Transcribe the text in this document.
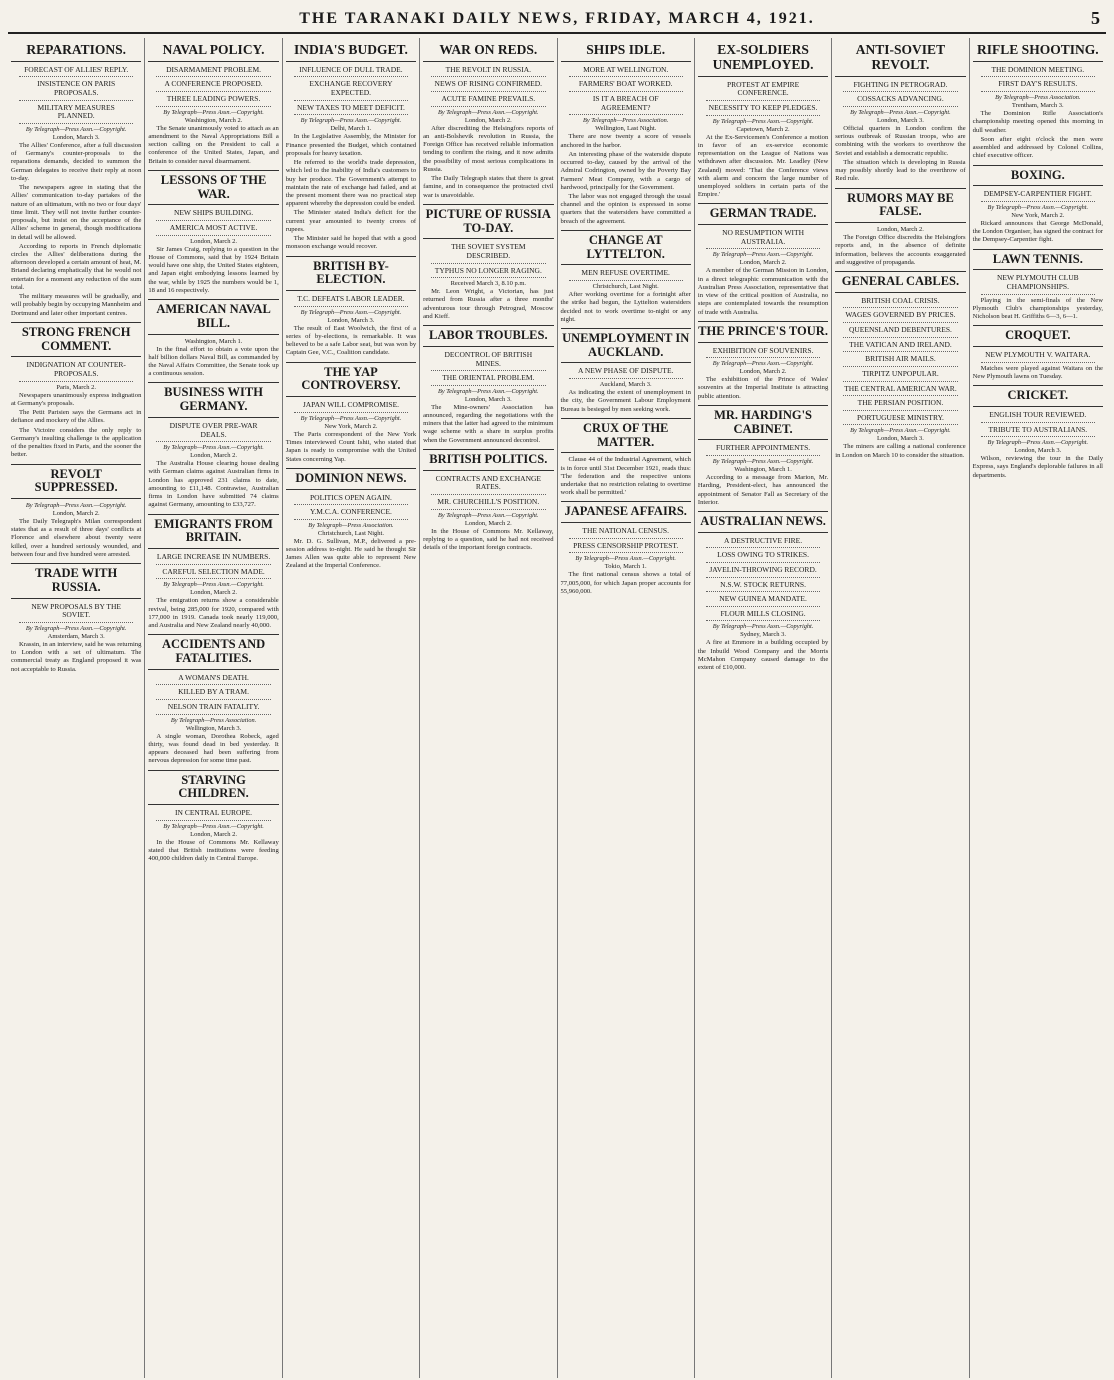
THE TARANAKI DAILY NEWS, FRIDAY, MARCH 4, 1921.	5
REPARATIONS.
FORECAST OF ALLIES' REPLY.
INSISTENCE ON PARIS PROPOSALS.
MILITARY MEASURES PLANNED.
By Telegraph—Press Assn.—Copyright.
London, March 3.

The Allies' Conference, after a full discussion of Germany's counter-proposals to the reparations demands, decided to summon the German delegates to receive their reply at noon to-day.

The newspapers agree in stating that the Allies' communication to-day partakes of the nature of an ultimatum, with no two or four days' time limit. They will not invite further counter-proposals, but insist on the acceptance of the Allies' scheme in general, though modifications in detail will be allowed.

According to reports in French diplomatic circles the Allies' deliberations during the afternoon developed a certain amount of heat, M. Briand declaring emphatically that he would not entertain for a moment any reduction of the sum total.

The military measures will be gradually, and will probably begin by occupying Mannheim and Dortmund and later other important centres.

STRONG FRENCH COMMENT.
INDIGNATION AT COUNTER-PROPOSALS.
Paris, March 2.

Newspapers unanimously express indignation at Germany's proposals.

The Petit Parisien says the Germans act in defiance and mockery of the Allies.

The Victoire considers the only reply to Germany's insulting challenge is the application of the penalties fixed in Paris, and the sooner the better.

REVOLT SUPPRESSED.
By Telegraph—Press Assn.—Copyright.
London, March 2.

The Daily Telegraph's Milan correspondent states that as a result of three days' conflicts at Florence and elsewhere about twenty were killed, over a hundred seriously wounded, and between four and five hundred were arrested.

TRADE WITH RUSSIA.
NEW PROPOSALS BY THE SOVIET.
By Telegraph—Press Assn.—Copyright.
Amsterdam, March 3.

Krassin, in an interview, said he was returning to London with a set of ultimatum. The commercial treaty as England proposed it was not acceptable to Russia.

NAVAL POLICY.
DISARMAMENT PROBLEM.
A CONFERENCE PROPOSED.
THREE LEADING POWERS.
By Telegraph—Press Assn.—Copyright.
Washington, March 2.

The Senate unanimously voted to attach as an amendment to the Naval Appropriations Bill a section calling on the President to call a conference of the United States, Japan, and Britain to consider naval disarmament.

LESSONS OF THE WAR.
NEW SHIPS BUILDING.
AMERICA MOST ACTIVE.
London, March 2.

Sir James Craig, replying to a question in the House of Commons, said that by 1924 Britain would have one ship, the United States eighteen, and Japan eight embodying lessons learned by the war, while by 1925 the numbers would be 1, 18 and 16 respectively.

AMERICAN NAVAL BILL.
Washington, March 1.

In the final effort to obtain a vote upon the half billion dollars Naval Bill, as commanded by the Naval Affairs Committee, the Senate took up a continuous session.

BUSINESS WITH GERMANY.
DISPUTE OVER PRE-WAR DEALS.
By Telegraph—Press Assn.—Copyright.
London, March 2.

The Australia House clearing house dealing with German claims against Australian firms in London has approved 231 claims to date, amounting to £11,148. Contrawise, Australian firms in London have submitted 74 claims against Germany, amounting to £33,727.

EMIGRANTS FROM BRITAIN.
LARGE INCREASE IN NUMBERS.
CAREFUL SELECTION MADE.
By Telegraph—Press Assn.—Copyright.
London, March 2.

The emigration returns show a considerable revival, being 285,000 for 1920, compared with 177,000 in 1919. Canada took nearly 119,000, and Australia and New Zealand nearly 40,000.

ACCIDENTS AND FATALITIES.
A WOMAN'S DEATH.
KILLED BY A TRAM.
NELSON TRAIN FATALITY.
By Telegraph—Press Association.
Wellington, March 3.

A single woman, Dorothea Robeck, aged thirty, was found dead in bed yesterday. It appears deceased had been suffering from nervous depression for some time past.

STARVING CHILDREN.
IN CENTRAL EUROPE.
By Telegraph—Press Assn.—Copyright.
London, March 2.

In the House of Commons Mr. Kellaway stated that British institutions were feeding 400,000 children daily in Central Europe.

INDIA'S BUDGET.
INFLUENCE OF DULL TRADE.
EXCHANGE RECOVERY EXPECTED.
NEW TAXES TO MEET DEFICIT.
By Telegraph—Press Assn.—Copyright.
Delhi, March 1.

In the Legislative Assembly, the Minister for Finance presented the Budget, which contained proposals for heavy taxation.

He referred to the world's trade depression, which led to the inability of India's customers to buy her produce. The Government's attempt to maintain the rate of exchange had failed, and at the present moment there was no practical step apparent whereby the depression could be ended.

The Minister stated India's deficit for the current year amounted to twenty crores of rupees.

The Minister said he hoped that with a good monsoon exchange would recover.

BRITISH BY-ELECTION.
T.C. DEFEATS LABOR LEADER.
By Telegraph—Press Assn.—Copyright.
London, March 3.

The result of East Woolwich, the first of a series of by-elections, is remarkable. It was believed to be a safe Labor seat, but was won by Captain Gee, V.C., Coalition candidate.

THE YAP CONTROVERSY.
JAPAN WILL COMPROMISE.
By Telegraph—Press Assn.—Copyright.
New York, March 2.

The Paris correspondent of the New York Times interviewed Count Ishii, who stated that Japan is ready to compromise with the United States concerning Yap.

DOMINION NEWS.
POLITICS OPEN AGAIN.
Y.M.C.A. CONFERENCE.
By Telegraph—Press Association.
Christchurch, Last Night.

Mr. D. G. Sullivan, M.P., delivered a pre-session address to-night. He said he thought Sir James Allen was quite able to represent New Zealand at the Imperial Conference.

WAR ON REDS.
THE REVOLT IN RUSSIA.
NEWS OF RISING CONFIRMED.
ACUTE FAMINE PREVAILS.
By Telegraph—Press Assn.—Copyright.
London, March 2.

After discrediting the Helsingfors reports of an anti-Bolshevik revolution in Russia, the Foreign Office has received reliable information tending to confirm the rising, and it now admits the possibility of most serious complications in Russia.

The Daily Telegraph states that there is great famine, and in consequence the protracted civil war is unavoidable.

PICTURE OF RUSSIA TO-DAY.
THE SOVIET SYSTEM DESCRIBED.
TYPHUS NO LONGER RAGING.
Received March 3, 8.10 p.m.

Mr. Leon Wright, a Victorian, has just returned from Russia after a three months' adventurous tour through Petrograd, Moscow and Kieff.

LABOR TROUBLES.
DECONTROL OF BRITISH MINES.
THE ORIENTAL PROBLEM.
By Telegraph—Press Assn.—Copyright.
London, March 3.

The Mine-owners' Association has announced, regarding the negotiations with the miners that the latter had agreed to the minimum wage scheme with a share in surplus profits when the Government announced decontrol.

BRITISH POLITICS.
CONTRACTS AND EXCHANGE RATES.
MR. CHURCHILL'S POSITION.
By Telegraph—Press Assn.—Copyright.
London, March 2.

In the House of Commons Mr. Kellaway, replying to a question, said he had not received details of the important foreign contracts.

SHIPS IDLE.
MORE AT WELLINGTON.
FARMERS' BOAT WORKED.
IS IT A BREACH OF AGREEMENT?
By Telegraph—Press Association.
Wellington, Last Night.

There are now twenty a score of vessels anchored in the harbor.

An interesting phase of the waterside dispute occurred to-day, caused by the arrival of the Admiral Codrington, owned by the Poverty Bay Farmers' Meat Company, with a cargo of hardwood, principally for the Government.

The labor was not engaged through the usual channel and the opinion is expressed in some quarters that the watersiders have committed a breach of the agreement.

CHANGE AT LYTTELTON.
MEN REFUSE OVERTIME.
Christchurch, Last Night.

After working overtime for a fortnight after the strike had begun, the Lyttelton watersiders decided not to work overtime to-night or any night.

UNEMPLOYMENT IN AUCKLAND.
A NEW PHASE OF DISPUTE.
Auckland, March 3.

As indicating the extent of unemployment in the city, the Government Labour Employment Bureau is besieged by men seeking work.

CRUX OF THE MATTER.

Clause 44 of the Industrial Agreement, which is in force until 31st December 1921, reads thus: 'The federation and the respective unions undertake that no restriction relating to overtime work shall be permitted.'

JAPANESE AFFAIRS.
THE NATIONAL CENSUS.
PRESS CENSORSHIP PROTEST.
By Telegraph—Press Assn.—Copyright.
Tokio, March 1.

The first national census shows a total of 77,005,000, for which Japan proper accounts for 55,960,000.

EX-SOLDIERS UNEMPLOYED.
PROTEST AT EMPIRE CONFERENCE.
NECESSITY TO KEEP PLEDGES.
By Telegraph—Press Assn.—Copyright.
Capetown, March 2.

At the Ex-Servicemen's Conference a motion in favor of an ex-service economic representation on the League of Nations was withdrawn after discussion. Mr. Leadley (New Zealand) moved: 'That the Conference views with alarm and concern the large number of unemployed soldiers in certain parts of the Empire.'

GERMAN TRADE.
NO RESUMPTION WITH AUSTRALIA.
By Telegraph—Press Assn.—Copyright.
London, March 2.

A member of the German Mission in London, in a direct telegraphic communication with the Australian Press Association, representative that in view of the critical position of Australia, no steps are contemplated towards the resumption of trade with Australia.

THE PRINCE'S TOUR.
EXHIBITION OF SOUVENIRS.
By Telegraph—Press Assn.—Copyright.
London, March 2.

The exhibition of the Prince of Wales' souvenirs at the Imperial Institute is attracting public attention.

MR. HARDING'S CABINET.
FURTHER APPOINTMENTS.
By Telegraph—Press Assn.—Copyright.
Washington, March 1.

According to a message from Marion, Mr. Harding, President-elect, has announced the appointment of Senator Fall as Secretary of the Interior.

AUSTRALIAN NEWS.
A DESTRUCTIVE FIRE.
LOSS OWING TO STRIKES.
JAVELIN-THROWING RECORD.
N.S.W. STOCK RETURNS.
NEW GUINEA MANDATE.
FLOUR MILLS CLOSING.
By Telegraph—Press Assn.—Copyright.
Sydney, March 3.

A fire at Emmore in a building occupied by the Inbuild Wood Company and the Morris McMahon Company caused damage to the extent of £10,000.

ANTI-SOVIET REVOLT.
FIGHTING IN PETROGRAD.
COSSACKS ADVANCING.
By Telegraph—Press Assn.—Copyright.
London, March 3.

Official quarters in London confirm the serious outbreak of Russian troops, who are combining with the workers to overthrow the Soviet and establish a democratic republic.

The situation which is developing in Russia may possibly shortly lead to the overthrow of Red rule.

RUMORS MAY BE FALSE.
London, March 2.

The Foreign Office discredits the Helsingfors reports and, in the absence of definite information, believes the accounts exaggerated and suggestive of propaganda.

GENERAL CABLES.
BRITISH COAL CRISIS.
WAGES GOVERNED BY PRICES.
QUEENSLAND DEBENTURES.
THE VATICAN AND IRELAND.
BRITISH AIR MAILS.
TIRPITZ UNPOPULAR.
THE CENTRAL AMERICAN WAR.
THE PERSIAN POSITION.
PORTUGUESE MINISTRY.
By Telegraph—Press Assn.—Copyright.
London, March 3.

The miners are calling a national conference in London on March 10 to consider the situation.

RIFLE SHOOTING.
THE DOMINION MEETING.
FIRST DAY'S RESULTS.
By Telegraph—Press Association.
Trentham, March 3.

The Dominion Rifle Association's championship meeting opened this morning in dull weather.

Soon after eight o'clock the men were assembled and addressed by Colonel Collins, chief executive officer.

BOXING.
DEMPSEY-CARPENTIER FIGHT.
By Telegraph—Press Assn.—Copyright.
New York, March 2.

Rickard announces that George McDonald, the London Organiser, has signed the contract for the Dempsey-Carpentier fight.

LAWN TENNIS.
NEW PLYMOUTH CLUB CHAMPIONSHIPS.

Playing in the semi-finals of the New Plymouth Club's championships yesterday, Nicholson beat H. Griffiths 6—3, 6—1.

CROQUET.
NEW PLYMOUTH V. WAITARA.

Matches were played against Waitara on the New Plymouth lawns on Tuesday.

CRICKET.
ENGLISH TOUR REVIEWED.
TRIBUTE TO AUSTRALIANS.
By Telegraph—Press Assn.—Copyright.
London, March 3.

Wilson, reviewing the tour in the Daily Express, says England's deplorable failures in all departments.
